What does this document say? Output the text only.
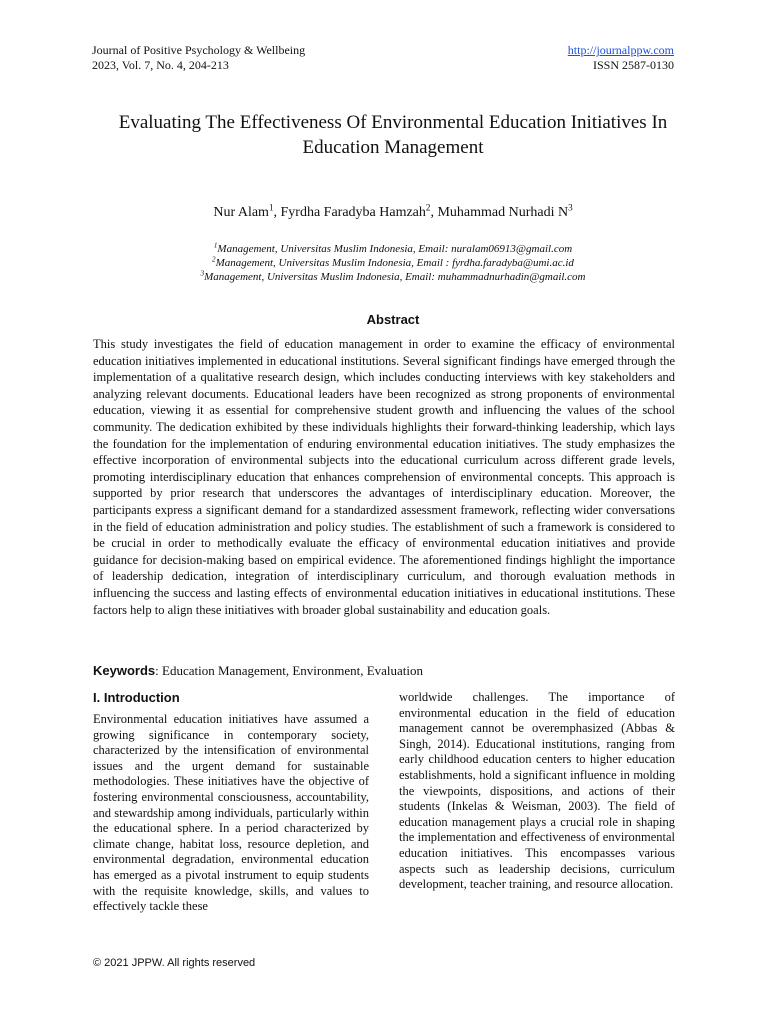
Journal of Positive Psychology & Wellbeing
2023, Vol. 7, No. 4, 204-213
http://journalppw.com
ISSN 2587-0130
Evaluating The Effectiveness Of Environmental Education Initiatives In Education Management
Nur Alam$^1$, Fyrdha Faradyba Hamzah$^2$, Muhammad Nurhadi $N^3$
$^1$Management, Universitas Muslim Indonesia, Email: nuralam06913@gmail.com
$^2$Management, Universitas Muslim Indonesia, Email : fyrdha.faradyba@umi.ac.id
$^3$Management, Universitas Muslim Indonesia, Email: muhammadnurhadin@gmail.com
Abstract

This study investigates the field of education management in order to examine the efficacy of environmental education initiatives implemented in educational institutions. Several significant findings have emerged through the implementation of a qualitative research design, which includes conducting interviews with key stakeholders and analyzing relevant documents. Educational leaders have been recognized as strong proponents of environmental education, viewing it as essential for comprehensive student growth and influencing the values of the school community. The dedication exhibited by these individuals highlights their forward-thinking leadership, which lays the foundation for the implementation of enduring environmental education initiatives. The study emphasizes the effective incorporation of environmental subjects into the educational curriculum across different grade levels, promoting interdisciplinary education that enhances comprehension of environmental concepts. This approach is supported by prior research that underscores the advantages of interdisciplinary education. Moreover, the participants express a significant demand for a standardized assessment framework, reflecting wider conversations in the field of education administration and policy studies. The establishment of such a framework is considered to be crucial in order to methodically evaluate the efficacy of environmental education initiatives and provide guidance for decision-making based on empirical evidence. The aforementioned findings highlight the importance of leadership dedication, integration of interdisciplinary curriculum, and thorough evaluation methods in influencing the success and lasting effects of environmental education initiatives in educational institutions. These factors help to align these initiatives with broader global sustainability and education goals.

Keywords: Education Management, Environment, Evaluation
I. Introduction

Environmental education initiatives have assumed a growing significance in contemporary society, characterized by the intensification of environmental issues and the urgent demand for sustainable methodologies. These initiatives have the objective of fostering environmental consciousness, accountability, and stewardship among individuals, particularly within the educational sphere. In a period characterized by climate change, habitat loss, resource depletion, and environmental degradation, environmental education has emerged as a pivotal instrument to equip students with the requisite knowledge, skills, and values to effectively tackle these

worldwide challenges. The importance of environmental education in the field of education management cannot be overemphasized (Abbas & Singh, 2014). Educational institutions, ranging from early childhood education centers to higher education establishments, hold a significant influence in molding the viewpoints, dispositions, and actions of their students (Inkelas & Weisman, 2003). The field of education management plays a crucial role in shaping the implementation and effectiveness of environmental education initiatives. This encompasses various aspects such as leadership decisions, curriculum development, teacher training, and resource allocation.

© 2021 JPPW. All rights reserved
